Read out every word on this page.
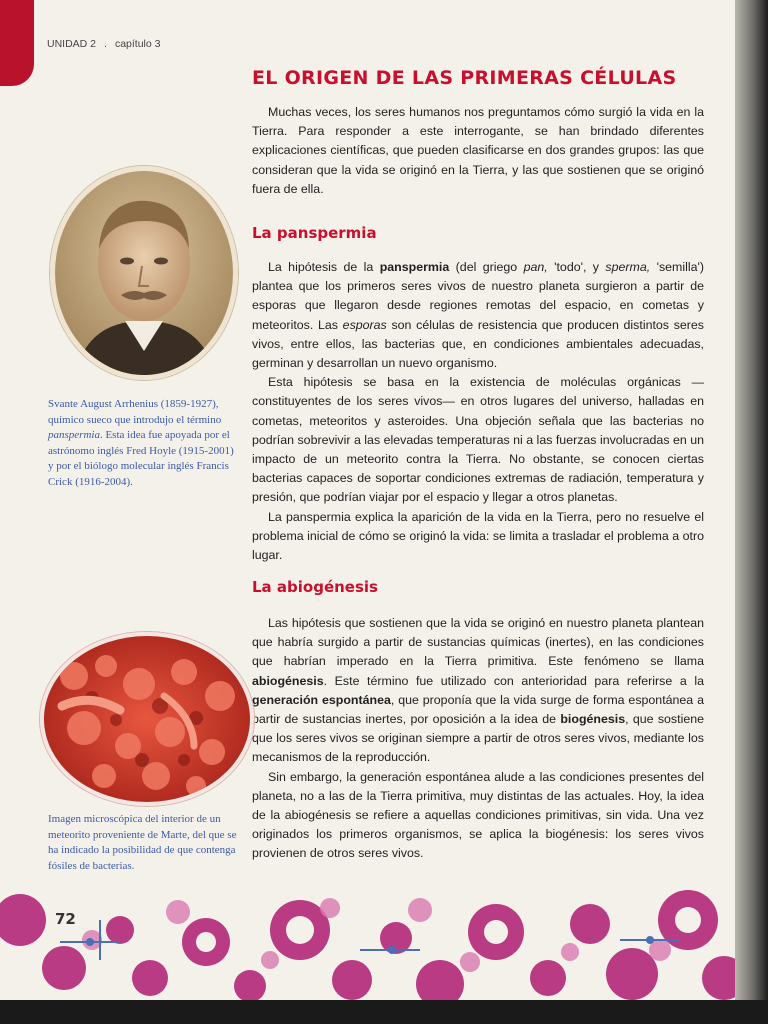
UNIDAD 2 . capítulo 3
EL ORIGEN DE LAS PRIMERAS CÉLULAS

Muchas veces, los seres humanos nos preguntamos cómo surgió la vida en la Tierra. Para responder a este interrogante, se han brindado diferentes explicaciones científicas, que pueden clasificarse en dos grandes grupos: las que consideran que la vida se originó en la Tierra, y las que sostienen que se originó fuera de ella.

La panspermia

La hipótesis de la panspermia (del griego pan, 'todo', y sperma, 'semilla') plantea que los primeros seres vivos de nuestro planeta surgieron a partir de esporas que llegaron desde regiones remotas del espacio, en cometas y meteoritos. Las esporas son células de resistencia que producen distintos seres vivos, entre ellos, las bacterias que, en condiciones ambientales adecuadas, germinan y desarrollan un nuevo organismo.

Esta hipótesis se basa en la existencia de moléculas orgánicas —constituyentes de los seres vivos— en otros lugares del universo, halladas en cometas, meteoritos y asteroides. Una objeción señala que las bacterias no podrían sobrevivir a las elevadas temperaturas ni a las fuerzas involucradas en un impacto de un meteorito contra la Tierra. No obstante, se conocen ciertas bacterias capaces de soportar condiciones extremas de radiación, temperatura y presión, que podrían viajar por el espacio y llegar a otros planetas.

La panspermia explica la aparición de la vida en la Tierra, pero no resuelve el problema inicial de cómo se originó la vida: se limita a trasladar el problema a otro lugar.

La abiogénesis

Las hipótesis que sostienen que la vida se originó en nuestro planeta plantean que habría surgido a partir de sustancias químicas (inertes), en las condiciones que habrían imperado en la Tierra primitiva. Este fenómeno se llama abiogénesis. Este término fue utilizado con anterioridad para referirse a la generación espontánea, que proponía que la vida surge de forma espontánea a partir de sustancias inertes, por oposición a la idea de biogénesis, que sostiene que los seres vivos se originan siempre a partir de otros seres vivos, mediante los mecanismos de la reproducción.

Sin embargo, la generación espontánea alude a las condiciones presentes del planeta, no a las de la Tierra primitiva, muy distintas de las actuales. Hoy, la idea de la abiogénesis se refiere a aquellas condiciones primitivas, sin vida. Una vez originados los primeros organismos, se aplica la biogénesis: los seres vivos provienen de otros seres vivos.

Svante August Arrhenius (1859-1927), químico sueco que introdujo el término panspermia. Esta idea fue apoyada por el astrónomo inglés Fred Hoyle (1915-2001) y por el biólogo molecular inglés Francis Crick (1916-2004).

Imagen microscópica del interior de un meteorito proveniente de Marte, del que se ha indicado la posibilidad de que contenga fósiles de bacterias.

72
